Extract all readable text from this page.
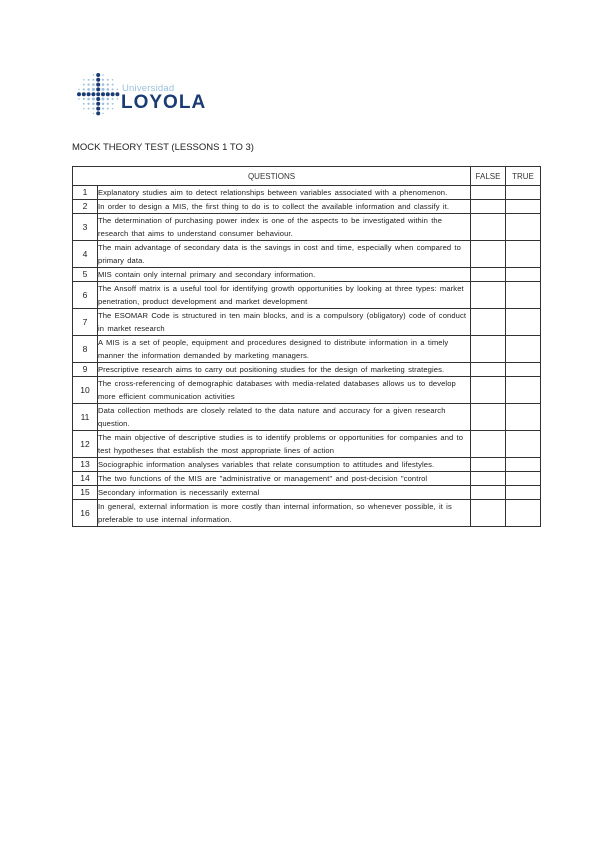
Universidad
LOYOLA
MOCK THEORY TEST (LESSONS 1 TO 3)
QUESTIONS		FALSE	TRUE
1	Explanatory studies aim to detect relationships between variables associated with a phenomenon.		
2	In order to design a MIS, the first thing to do is to collect the available information and classify it.		
3	The determination of purchasing power index is one of the aspects to be investigated within the research that aims to understand consumer behaviour.		
4	The main advantage of secondary data is the savings in cost and time, especially when compared to primary data.		
5	MIS contain only internal primary and secondary information.		
6	The Ansoff matrix is a useful tool for identifying growth opportunities by looking at three types: market penetration, product development and market development		
7	The ESOMAR Code is structured in ten main blocks, and is a compulsory (obligatory) code of conduct in market research		
8	A MIS is a set of people, equipment and procedures designed to distribute information in a timely manner the information demanded by marketing managers.		
9	Prescriptive research aims to carry out positioning studies for the design of marketing strategies.		
10	The cross-referencing of demographic databases with media-related databases allows us to develop more efficient communication activities		
11	Data collection methods are closely related to the data nature and accuracy for a given research question.		
12	The main objective of descriptive studies is to identify problems or opportunities for companies and to test hypotheses that establish the most appropriate lines of action		
13	Sociographic information analyses variables that relate consumption to attitudes and lifestyles.		
14	The two functions of the MIS are "administrative or management" and post-decision "control		
15	Secondary information is necessarily external		
16	In general, external information is more costly than internal information, so whenever possible, it is preferable to use internal information.		
